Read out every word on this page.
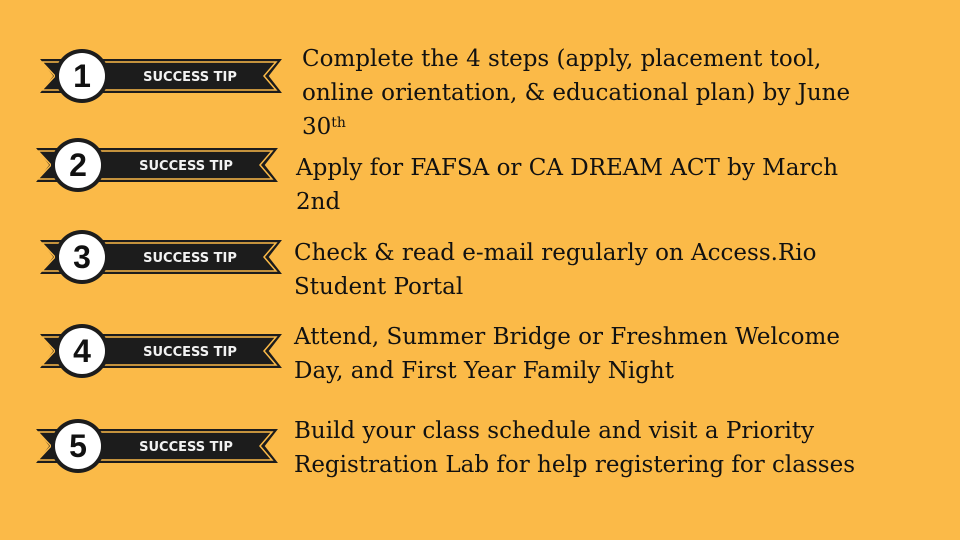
1	SUCCESS TIP

Complete the 4 steps (apply, placement tool, online orientation, & educational plan) by June 30th

2	SUCCESS TIP	Apply for FAFSA or CA DREAM ACT by March 2nd

3	SUCCESS TIP Check & read e-mail regularly on Access.Rio Student Portal

4	SUCCESS TIP

Attend, Summer Bridge or Freshmen Welcome Day, and First Year Family Night

5	SUCCESS TIP

Build your class schedule and visit a Priority Registration Lab for help registering for classes
